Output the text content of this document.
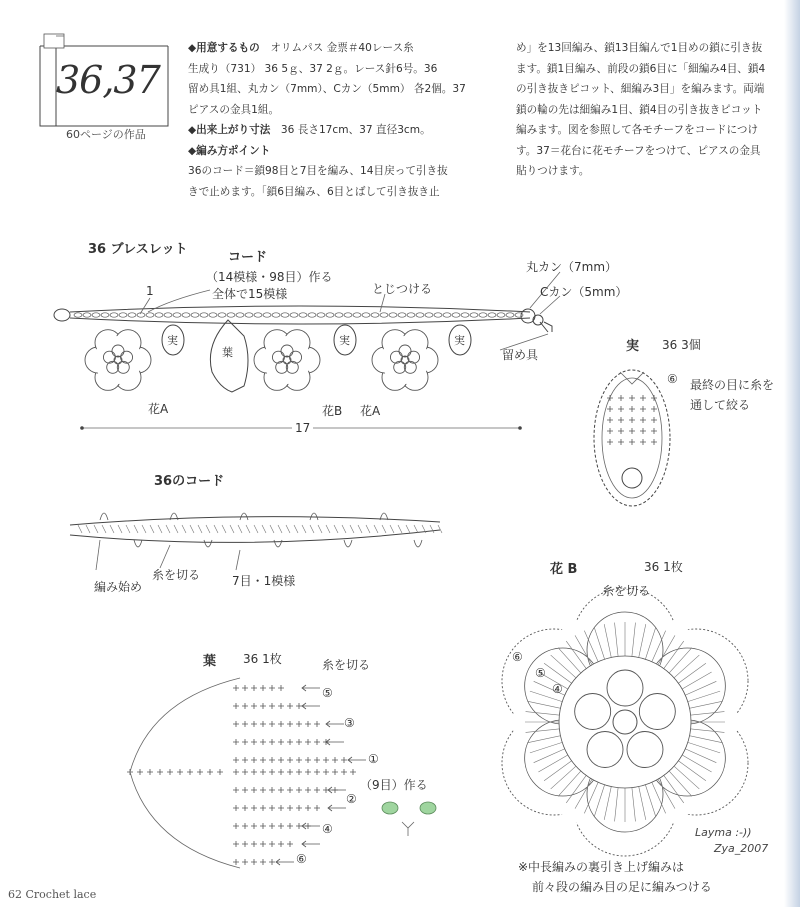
36,37
60ページの作品

◆用意するもの　 オリムパス 金票＃40レース糸

生成り（731） 36 5ｇ、37 2ｇ。レース針6号。36

留め具1組、丸カン（7mm）、Cカン（5mm） 各2個。37

ピアスの金具1組。

◆出来上がり寸法　 36 長さ17cm、37 直径3cm。

◆編み方ポイント

36のコード＝鎖98目と7目を編み、14目戻って引き抜

きで止めます。「鎖6目編み、6目とばして引き抜き止

め」を13回編み、鎖13目編んで1目めの鎖に引き抜

ます。鎖1目編み、前段の鎖6目に「細編み4目、鎖4

の引き抜きピコット、細編み3目」を編みます。両端

鎖の輪の先は細編み1目、鎖4目の引き抜きピコット

編みます。図を参照して各モチーフをコードにつけ

す。37＝花台に花モチーフをつけて、ピアスの金具

貼りつけます。

36 ブレスレット
コード
（14模様・98目）作る
全体で15模様
1	とじつける
丸カン（7mm）
Cカン（5mm）
留め具
実	実	実
葉
花A	花B 花A
17
36のコード
編み始め
糸を切る	7目・1模様
実 36 3個
⑥ 最終の目に糸を
通して絞る
花 B	36 1枚
糸を切る
⑥
⑤
④
※中長編みの裏引き上げ編みは
前々段の編み目の足に編みつける
葉 36 1枚	糸を切る
⑤
③
①
（9目）作る
②
④
⑥
Layma :-))
Zya_2007
62 Crochet lace
